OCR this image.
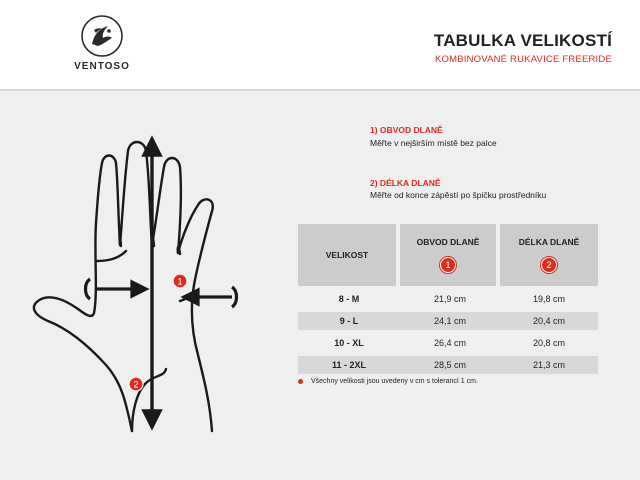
VENTOSO
TABULKA VELIKOSTÍ
KOMBINOVANÉ RUKAVICE FREERIDE
1
2
1) OBVOD DLANĚ
Měřte v nejširším místě bez palce
2) DÉLKA DLANĚ
Měřte od konce zápěstí po špičku prostředníku
VELIKOST
OBVOD DLANĚ
1
DÉLKA DLANĚ
2
8 - M	21,9 cm	19,8 cm
9 - L	24,1 cm	20,4 cm
10 - XL	26,4 cm	20,8 cm
11 - 2XL	28,5 cm	21,3 cm
Všechny velikosti jsou uvedeny v cm s tolerancí 1 cm.
